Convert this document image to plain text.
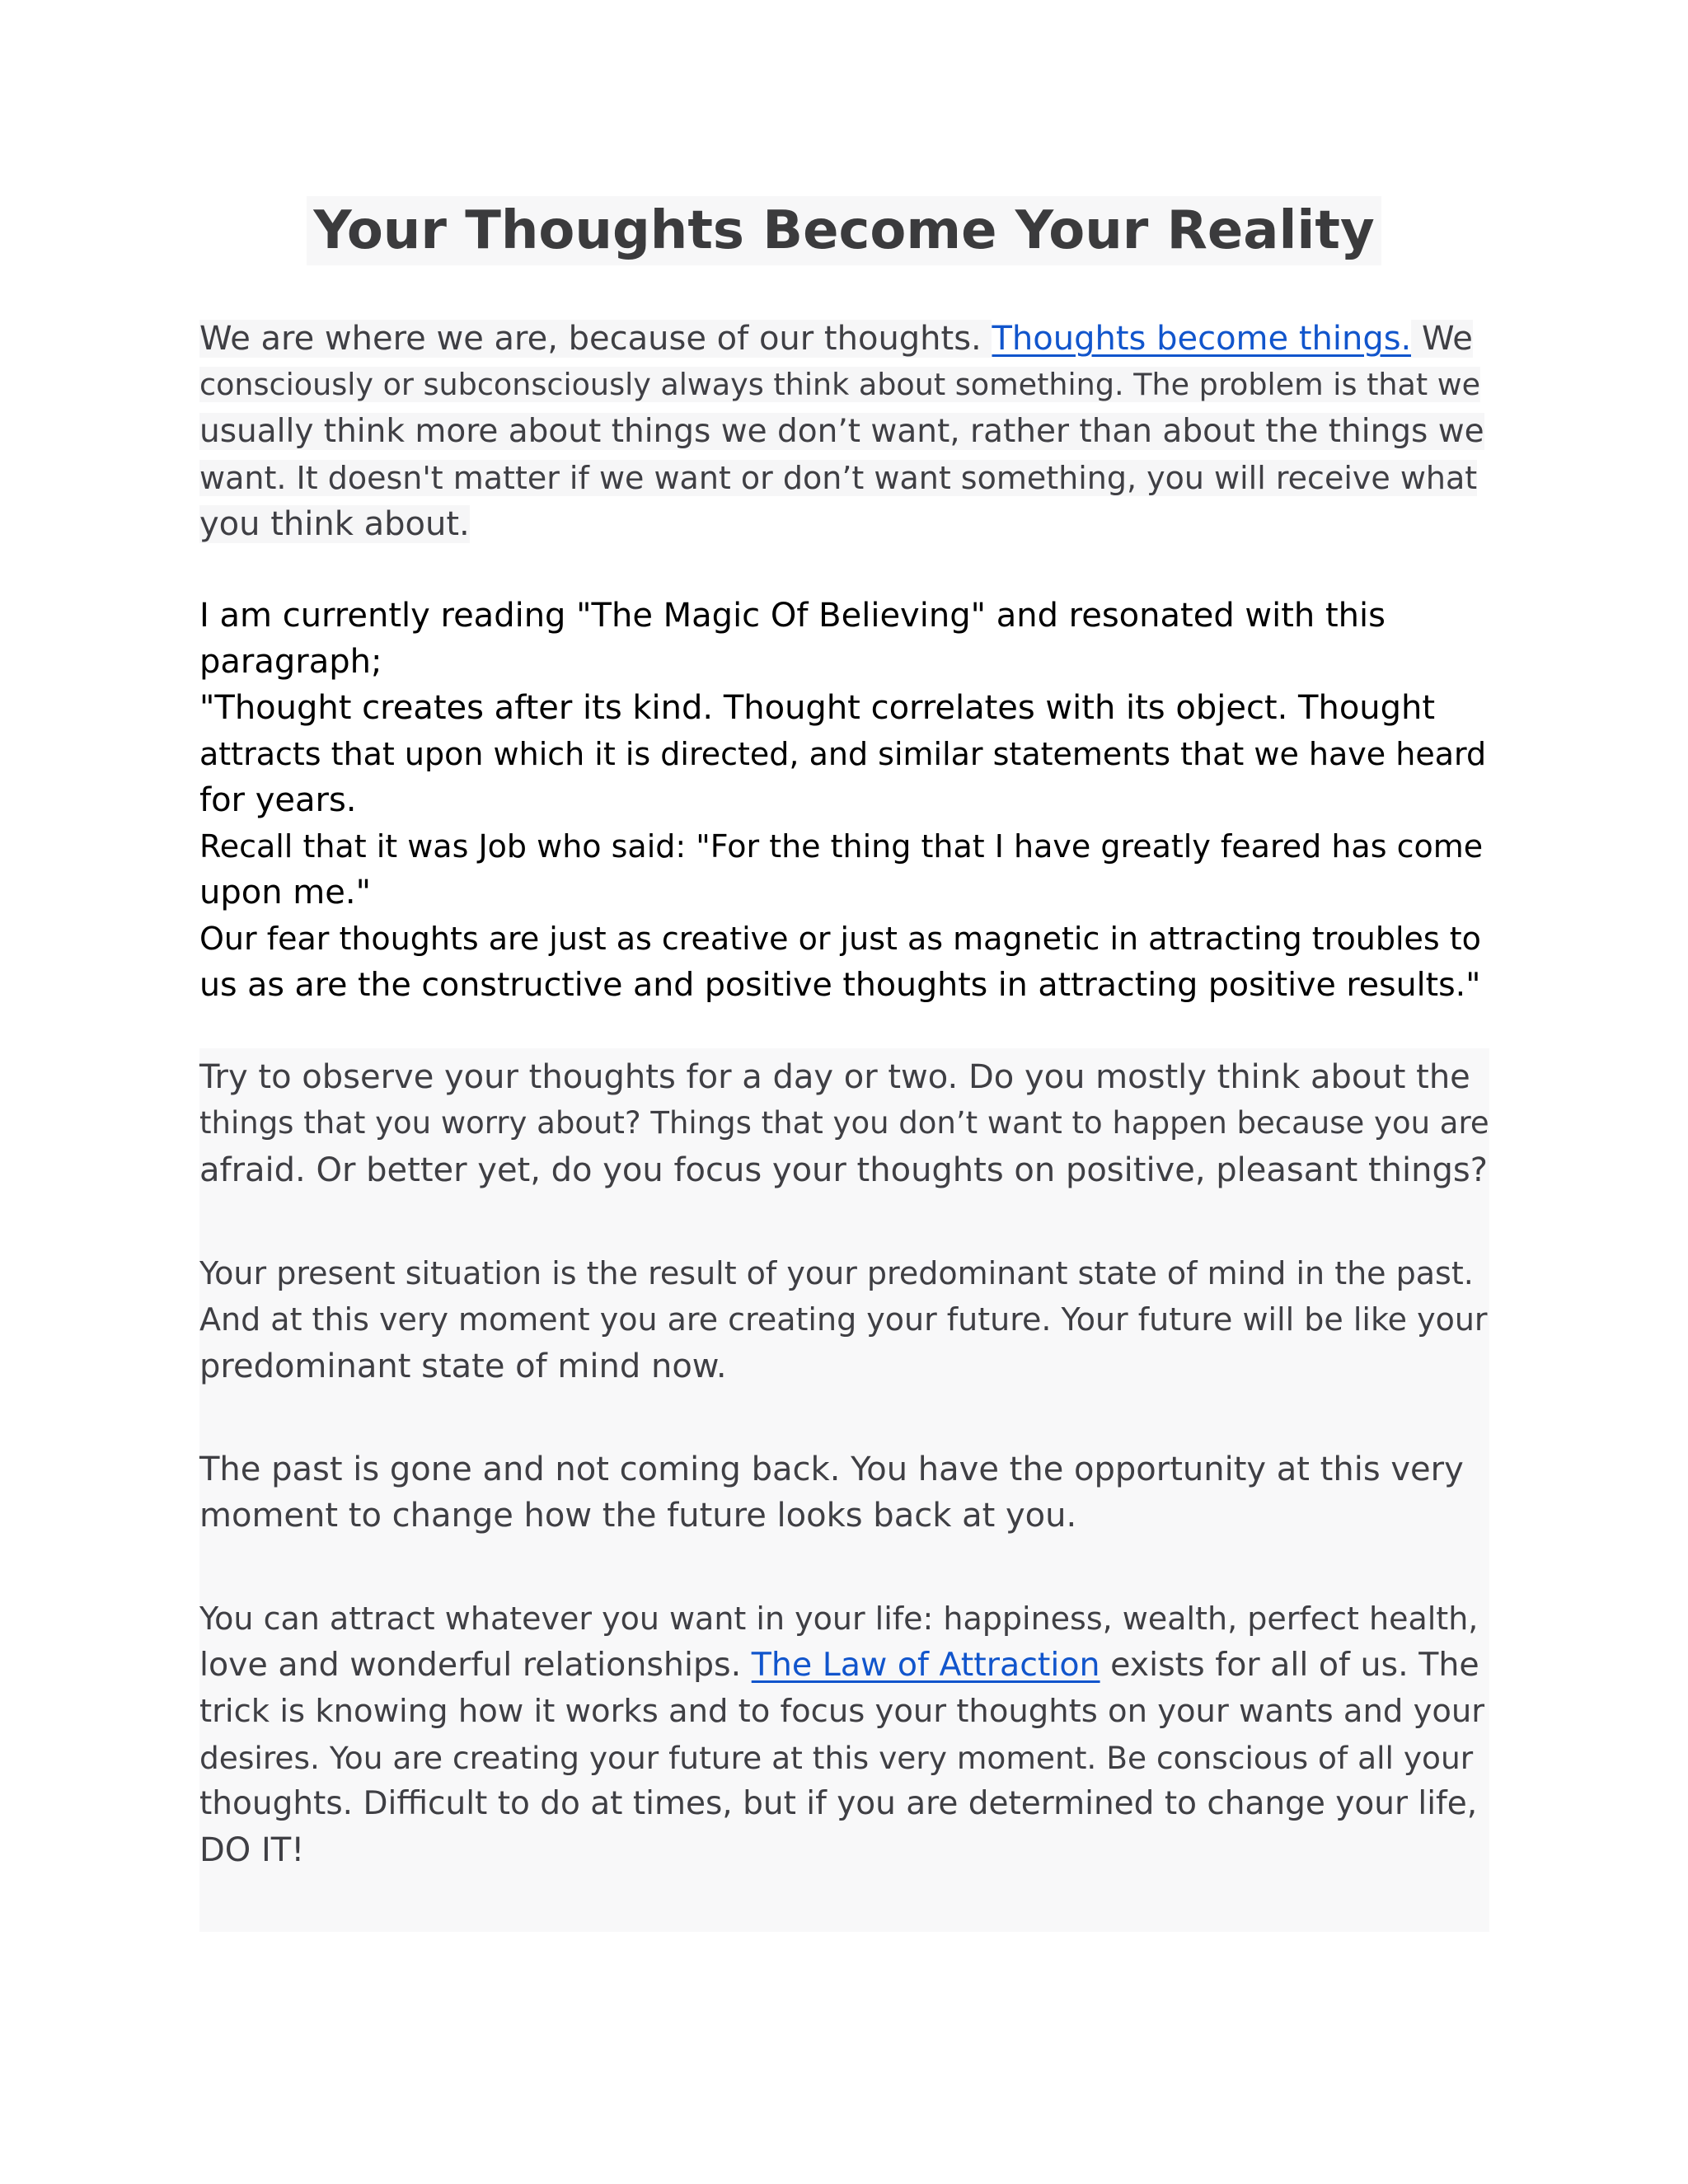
Your Thoughts Become Your Reality
We are where we are, because of our thoughts. Thoughts become things. We
consciously or subconsciously always think about something. The problem is that we
usually think more about things we don’t want, rather than about the things we
want. It doesn't matter if we want or don’t want something, you will receive what
you think about.
I am currently reading "The Magic Of Believing" and resonated with this
paragraph;
"Thought creates after its kind. Thought correlates with its object. Thought
attracts that upon which it is directed, and similar statements that we have heard
for years.
Recall that it was Job who said: "For the thing that I have greatly feared has come
upon me."
Our fear thoughts are just as creative or just as magnetic in attracting troubles to
us as are the constructive and positive thoughts in attracting positive results."
Try to observe your thoughts for a day or two. Do you mostly think about the
things that you worry about? Things that you don’t want to happen because you are
afraid. Or better yet, do you focus your thoughts on positive, pleasant things?
Your present situation is the result of your predominant state of mind in the past.
And at this very moment you are creating your future. Your future will be like your
predominant state of mind now.
The past is gone and not coming back. You have the opportunity at this very
moment to change how the future looks back at you.
You can attract whatever you want in your life: happiness, wealth, perfect health,
love and wonderful relationships. The Law of Attraction exists for all of us. The
trick is knowing how it works and to focus your thoughts on your wants and your
desires. You are creating your future at this very moment. Be conscious of all your
thoughts. Difficult to do at times, but if you are determined to change your life,
DO IT!
